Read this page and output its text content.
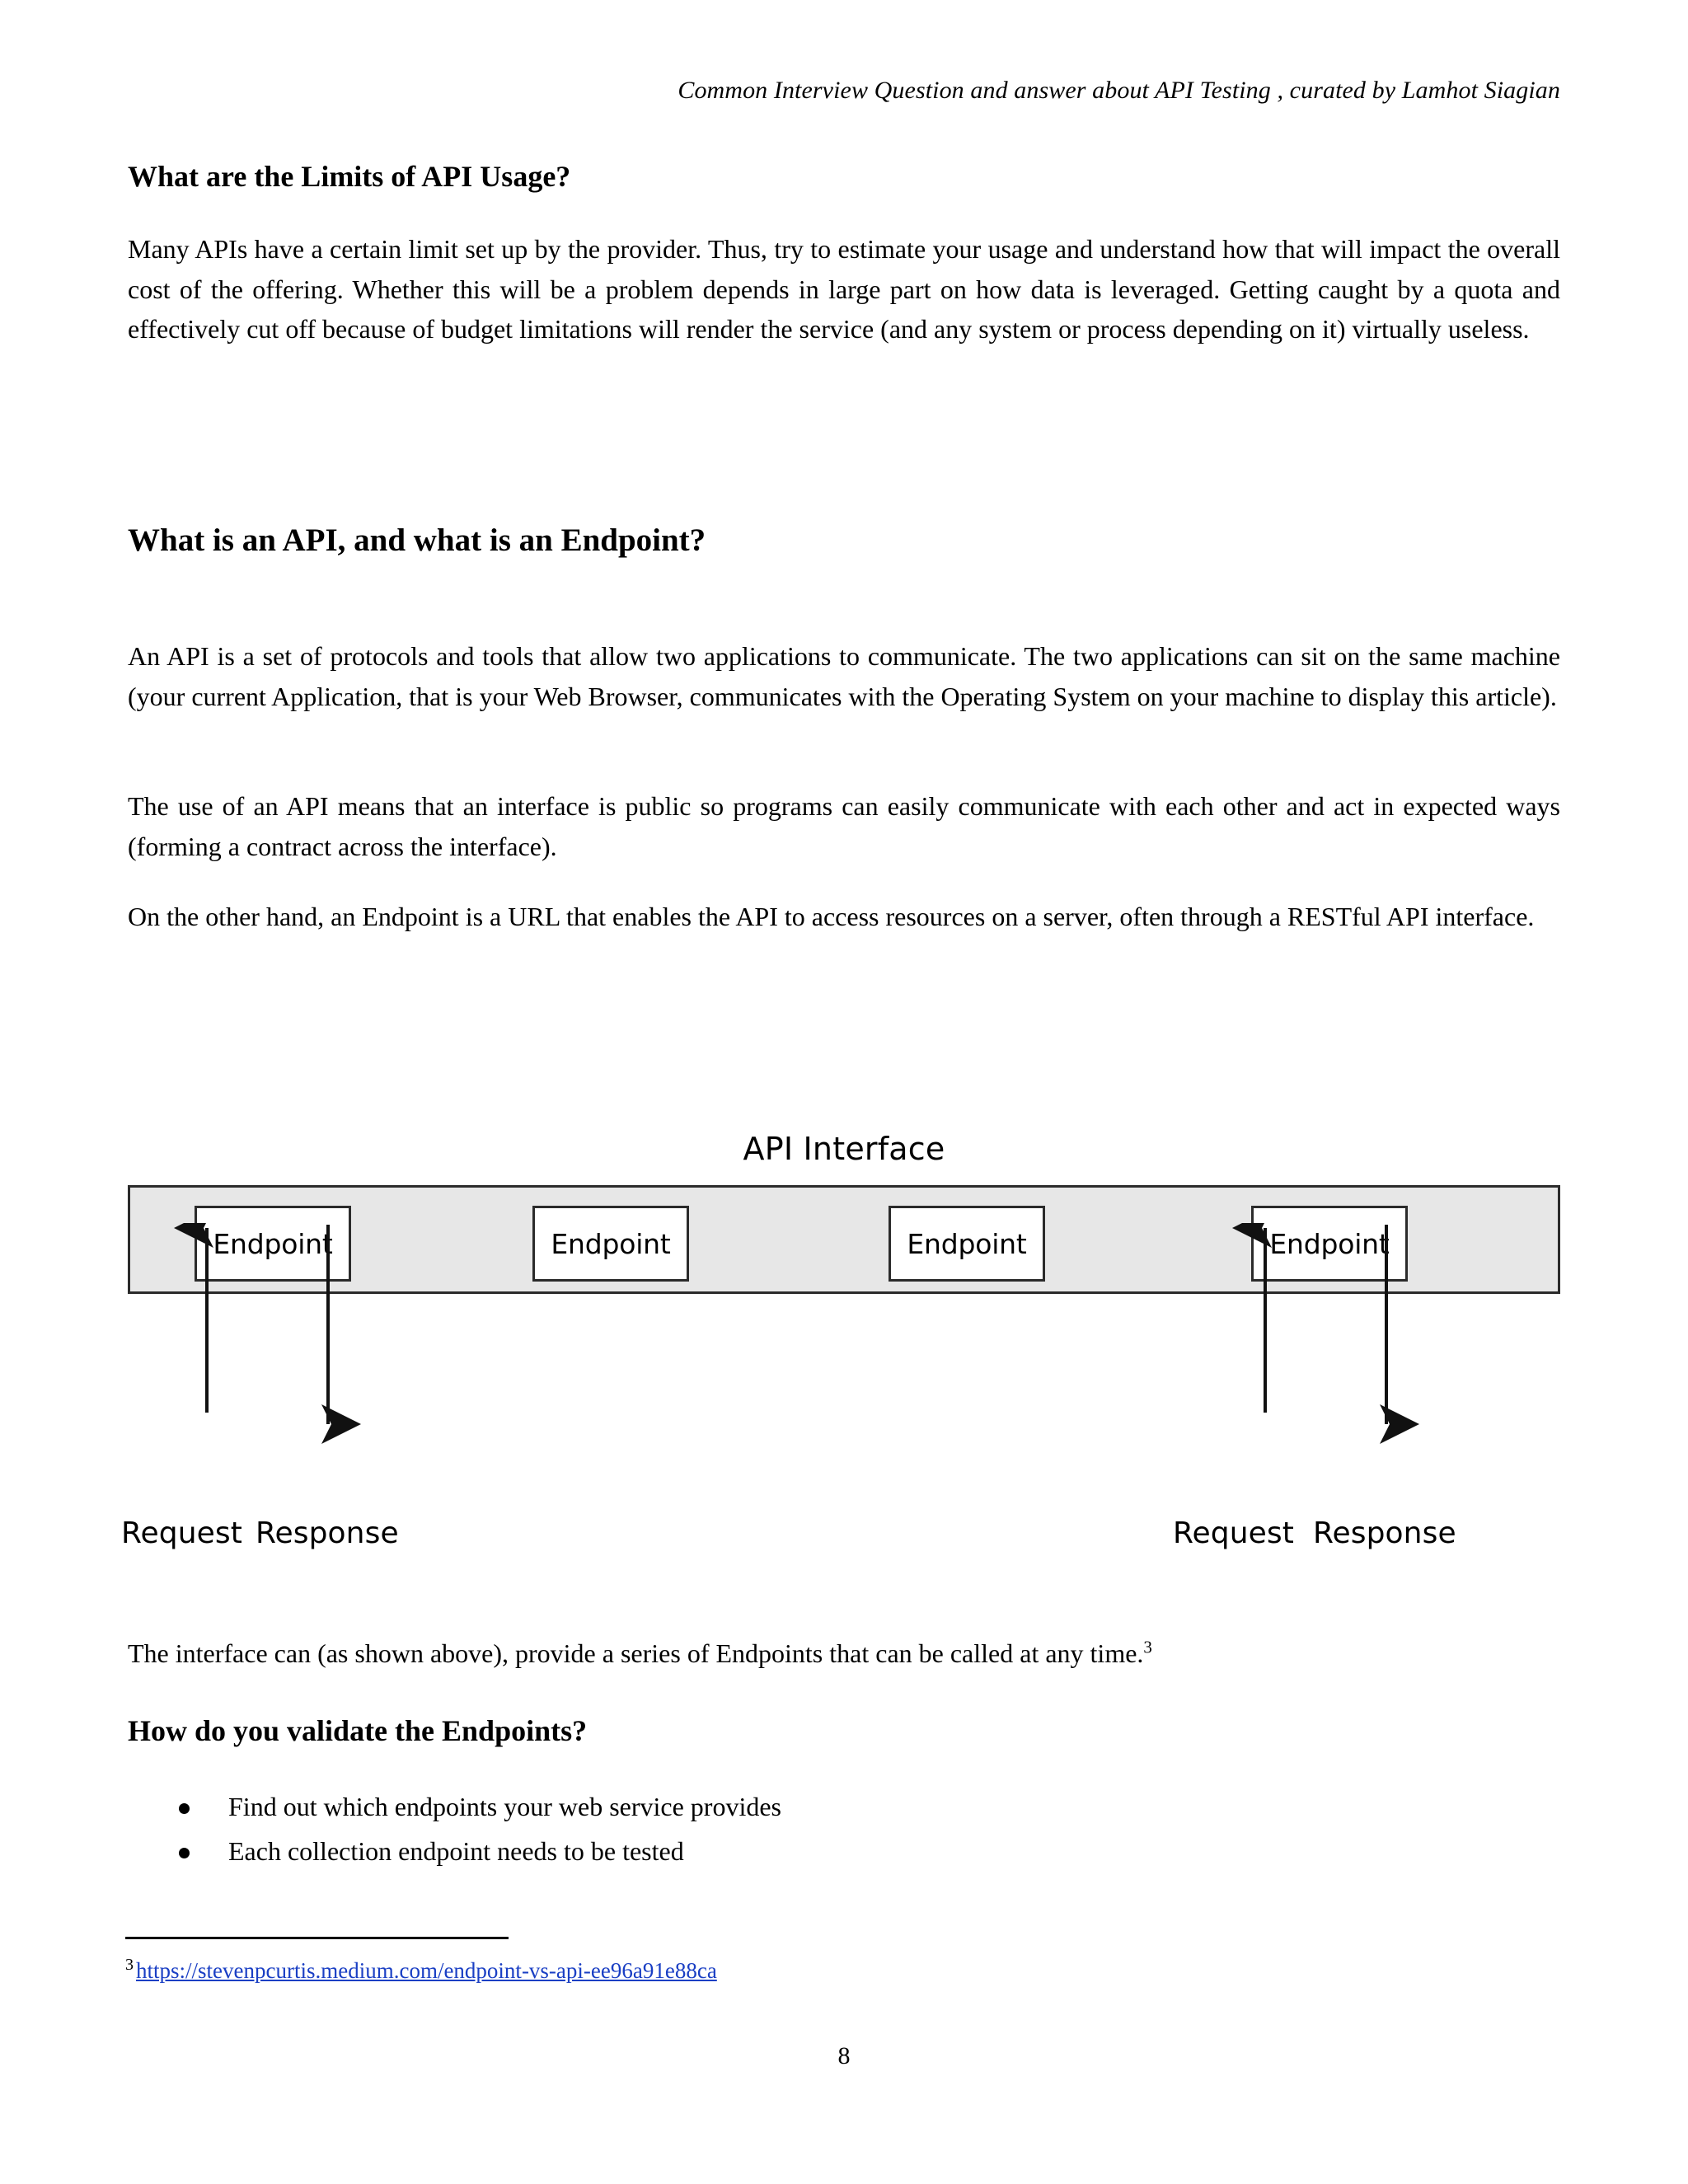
Common Interview Question and answer about API Testing , curated by Lamhot Siagian
What are the Limits of API Usage?

Many APIs have a certain limit set up by the provider. Thus, try to estimate your usage and understand how that will impact the overall cost of the offering. Whether this will be a problem depends in large part on how data is leveraged. Getting caught by a quota and effectively cut off because of budget limitations will render the service (and any system or process depending on it) virtually useless.

What is an API, and what is an Endpoint?

An API is a set of protocols and tools that allow two applications to communicate. The two applications can sit on the same machine (your current Application, that is your Web Browser, communicates with the Operating System on your machine to display this article).

The use of an API means that an interface is public so programs can easily communicate with each other and act in expected ways (forming a contract across the interface).

On the other hand, an Endpoint is a URL that enables the API to access resources on a server, often through a RESTful API interface.

API Interface
Endpoint	Endpoint	Endpoint	Endpoint
Request Response	Request Response

The interface can (as shown above), provide a series of Endpoints that can be called at any time.$^3$

How do you validate the Endpoints?
Find out which endpoints your web service provides
Each collection endpoint needs to be tested
$^3$ https://stevenpcurtis.medium.com/endpoint-vs-api-ee96a91e88ca
8
